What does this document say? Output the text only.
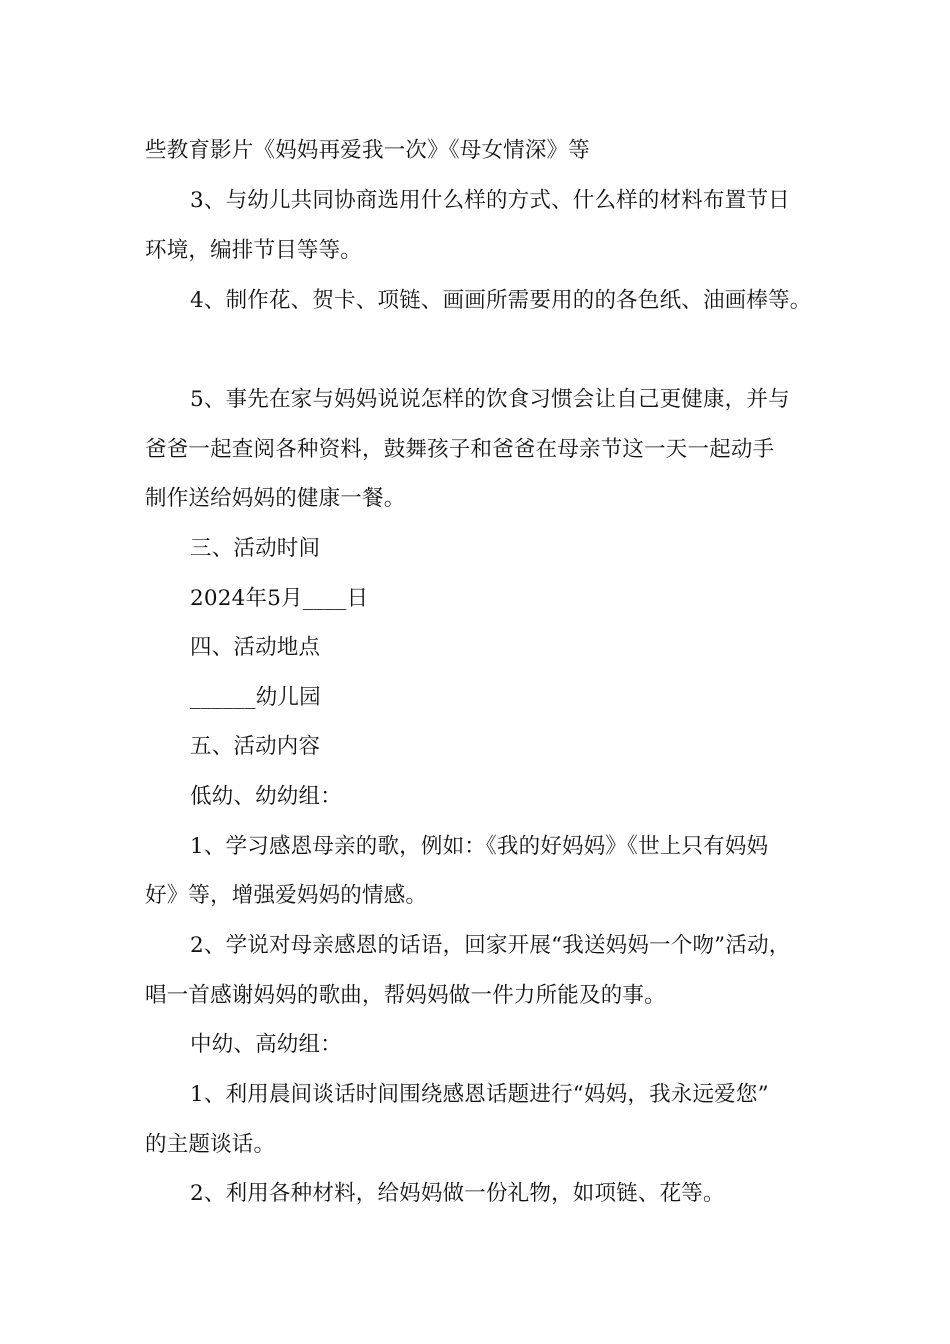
些教育影片《妈妈再爱我一次》《母女情深》等

3、与幼儿共同协商选用什么样的方式、什么样的材料布置节日

环境，编排节目等等。

4、制作花、贺卡、项链、画画所需要用的的各色纸、油画棒等。

5、事先在家与妈妈说说怎样的饮食习惯会让自己更健康，并与

爸爸一起查阅各种资料，鼓舞孩子和爸爸在母亲节这一天一起动手

制作送给妈妈的健康一餐。

三、活动时间

2024年5月____日

四、活动地点

______幼儿园

五、活动内容

低幼、幼幼组：

1、学习感恩母亲的歌，例如：《我的好妈妈》《世上只有妈妈

好》等，增强爱妈妈的情感。

2、学说对母亲感恩的话语，回家开展“我送妈妈一个吻”活动，

唱一首感谢妈妈的歌曲，帮妈妈做一件力所能及的事。

中幼、高幼组：

1、利用晨间谈话时间围绕感恩话题进行“妈妈，我永远爱您”

的主题谈话。

2、利用各种材料，给妈妈做一份礼物，如项链、花等。
